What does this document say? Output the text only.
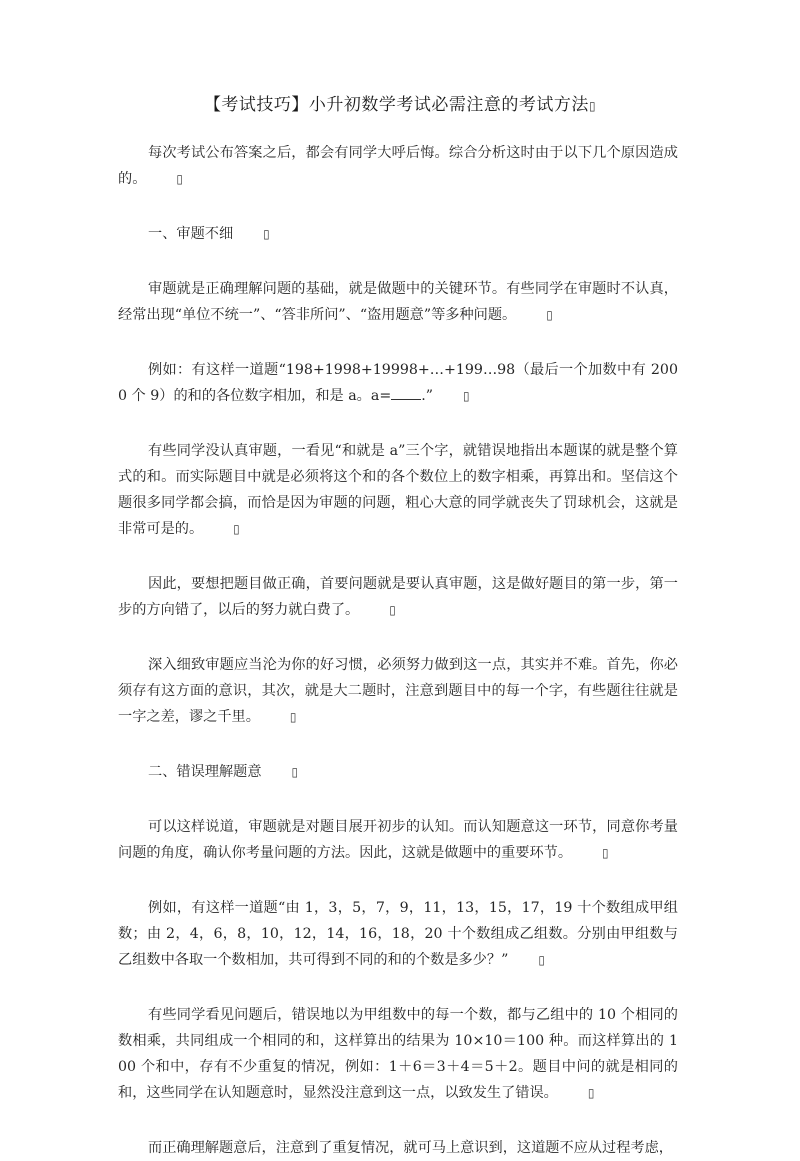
【考试技巧】小升初数学考试必需注意的考试方法▯

每次考试公布答案之后，都会有同学大呼后悔。综合分析这时由于以下几个原因造成的。	▯

一、审题不细	▯

审题就是正确理解问题的基础，就是做题中的关键环节。有些同学在审题时不认真，经常出现“单位不统一”、“答非所问”、“盗用题意”等多种问题。	▯

例如：有这样一道题“198+1998+19998+…+199…98（最后一个加数中有 2000 个 9）的和的各位数字相加，和是 a。a= .”	▯

有些同学没认真审题，一看见“和就是 a”三个字，就错误地指出本题谋的就是整个算式的和。而实际题目中就是必须将这个和的各个数位上的数字相乘，再算出和。坚信这个题很多同学都会搞，而恰是因为审题的问题，粗心大意的同学就丧失了罚球机会，这就是非常可是的。	▯

因此，要想把题目做正确，首要问题就是要认真审题，这是做好题目的第一步，第一步的方向错了，以后的努力就白费了。	▯

深入细致审题应当沦为你的好习惯，必须努力做到这一点，其实并不难。首先，你必须存有这方面的意识，其次，就是大二题时，注意到题目中的每一个字，有些题往往就是一字之差，谬之千里。	▯

二、错误理解题意	▯

可以这样说道，审题就是对题目展开初步的认知。而认知题意这一环节，同意你考量问题的角度，确认你考量问题的方法。因此，这就是做题中的重要环节。	▯

例如，有这样一道题“由 1，3，5，7，9，11，13，15，17，19 十个数组成甲组数；由 2，4，6，8，10，12，14，16，18，20 十个数组成乙组数。分别由甲组数与乙组数中各取一个数相加，共可得到不同的和的个数是多少？”	▯

有些同学看见问题后，错误地以为甲组数中的每一个数，都与乙组中的 10 个相同的数相乘，共同组成一个相同的和，这样算出的结果为 10×10＝100 种。而这样算出的 100 个和中，存有不少重复的情况，例如：1＋6＝3＋4＝5＋2。题目中问的就是相同的和，这些同学在认知题意时，显然没注意到这一点，以致发生了错误。	▯

而正确理解题意后，注意到了重复情况，就可马上意识到，这道题不应从过程考虑，
